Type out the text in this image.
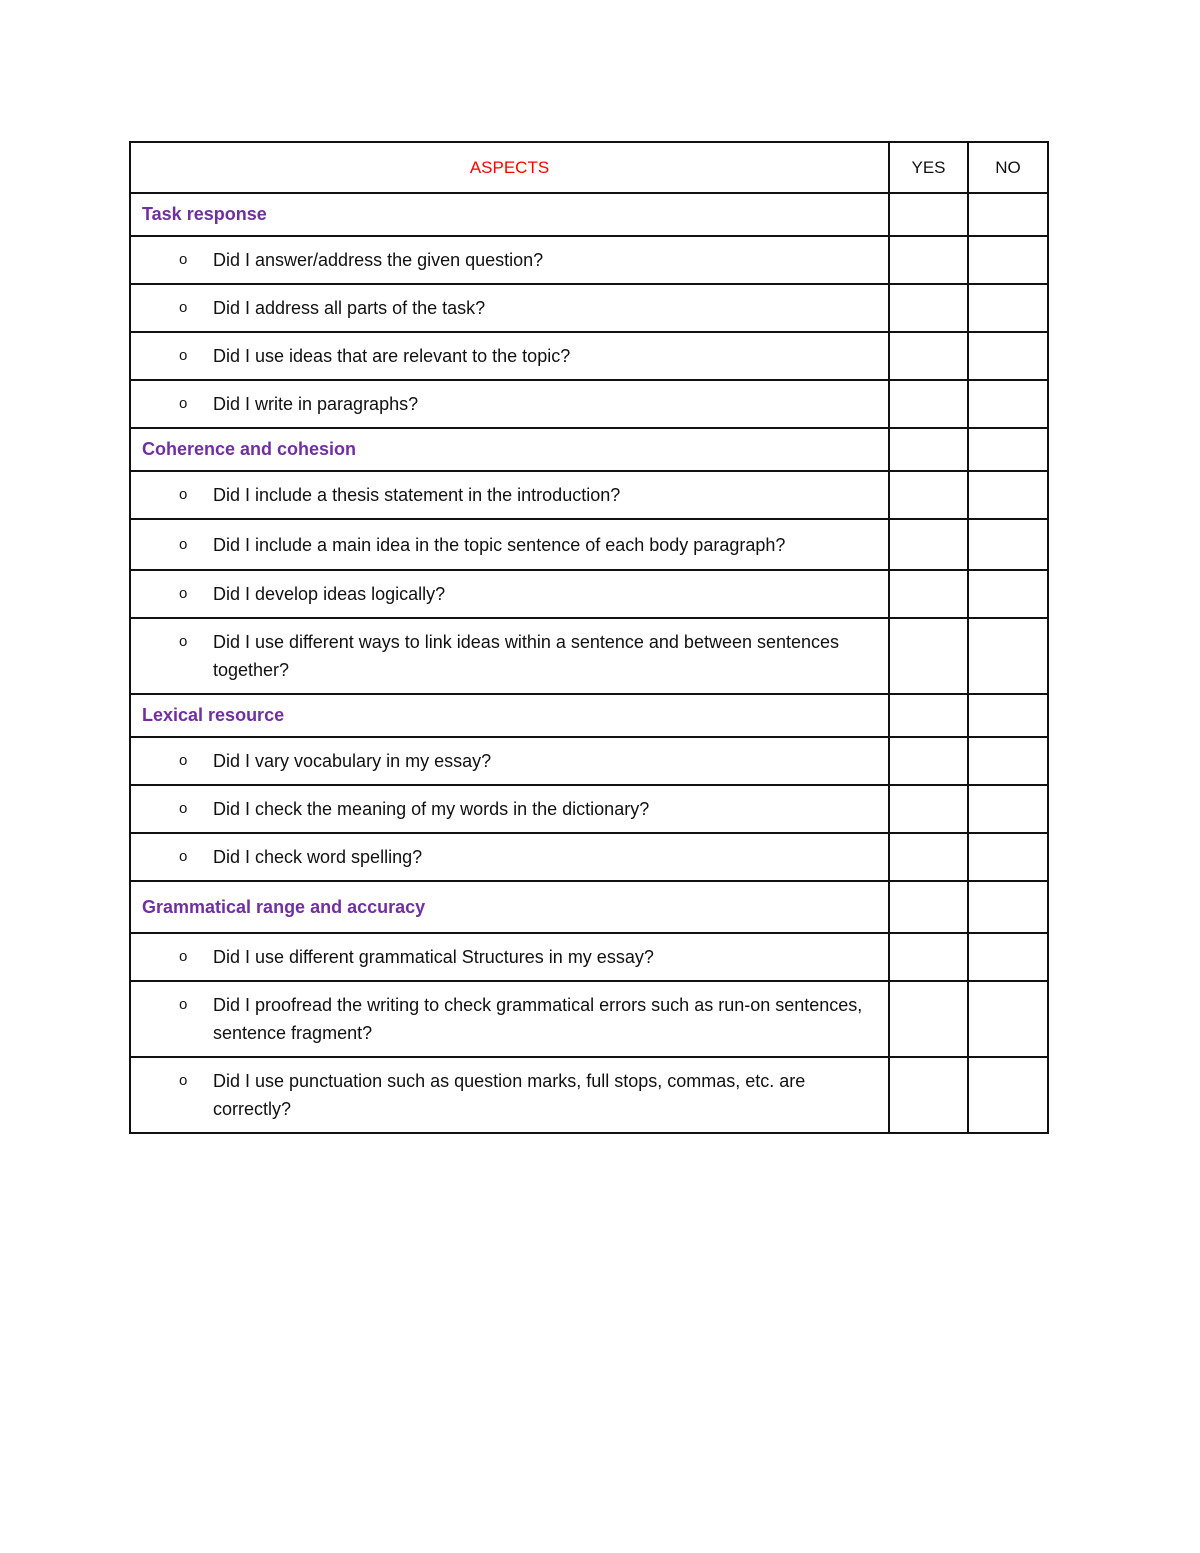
ASPECTS	YES	NO
Task response		

o Did I answer/address the given question?		

o Did I address all parts of the task?		

o Did I use ideas that are relevant to the topic?		

o Did I write in paragraphs?		

Coherence and cohesion		

o Did I include a thesis statement in the introduction?		

o Did I include a main idea in the topic sentence of each body paragraph?		

o Did I develop ideas logically?		

o Did I use different ways to link ideas within a sentence and between sentences together?		

Lexical resource		

o Did I vary vocabulary in my essay?		

o Did I check the meaning of my words in the dictionary?		

o Did I check word spelling?		

Grammatical range and accuracy		

o Did I use different grammatical Structures in my essay?		

o Did I proofread the writing to check grammatical errors such as run-on sentences, sentence fragment?		

o Did I use punctuation such as question marks, full stops, commas, etc. are correctly?		
